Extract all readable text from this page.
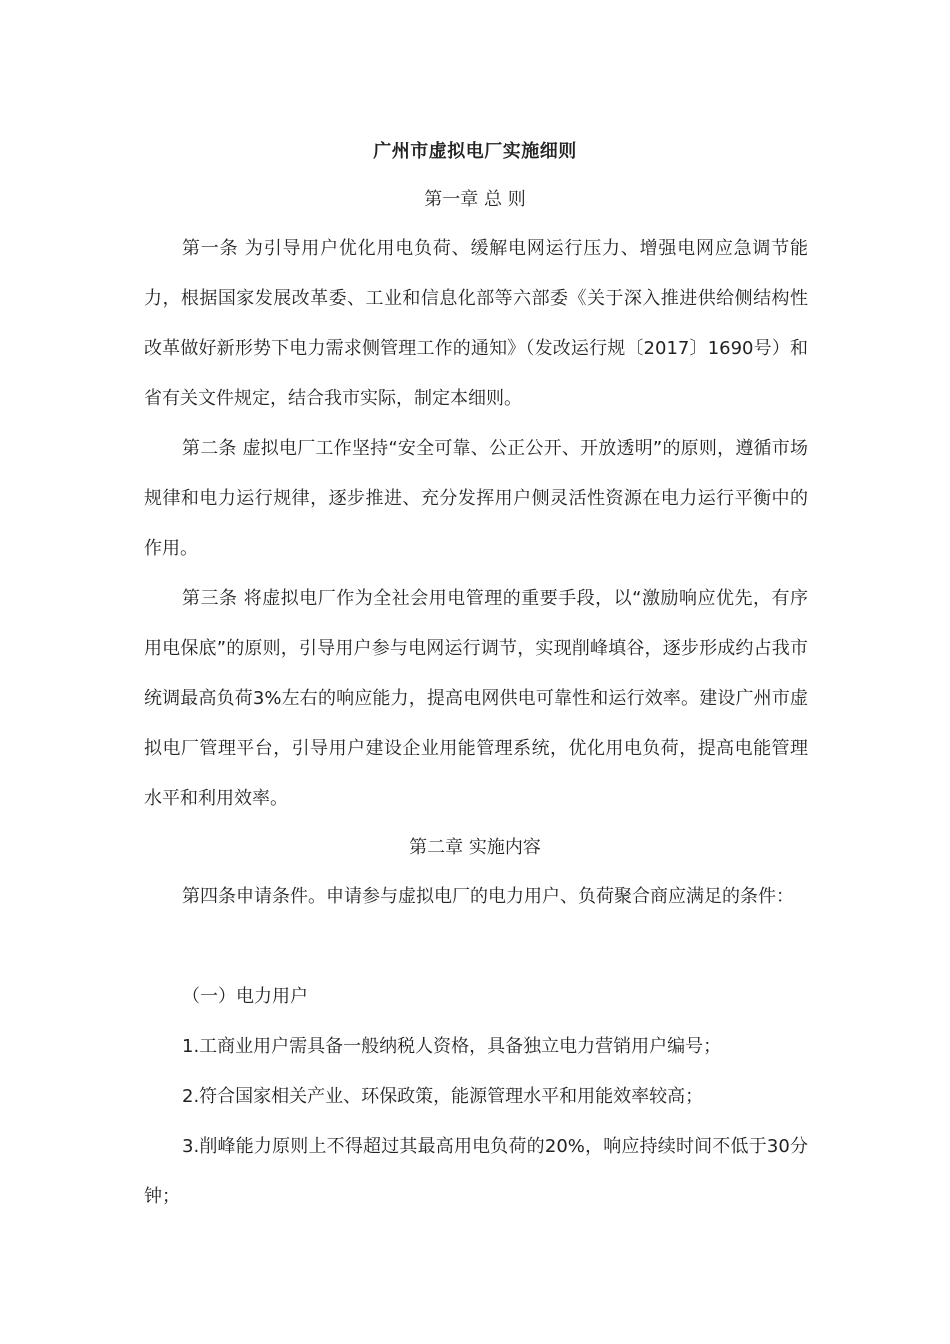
广州市虚拟电厂实施细则
第一章 总 则

第一条 为引导用户优化用电负荷、缓解电网运行压力、增强电网应急调节能力，根据国家发展改革委、工业和信息化部等六部委《关于深入推进供给侧结构性改革做好新形势下电力需求侧管理工作的通知》（发改运行规〔2017〕1690号）和省有关文件规定，结合我市实际，制定本细则。

第二条 虚拟电厂工作坚持“安全可靠、公正公开、开放透明”的原则，遵循市场规律和电力运行规律，逐步推进、充分发挥用户侧灵活性资源在电力运行平衡中的作用。

第三条 将虚拟电厂作为全社会用电管理的重要手段，以“激励响应优先，有序用电保底”的原则，引导用户参与电网运行调节，实现削峰填谷，逐步形成约占我市统调最高负荷3%左右的响应能力，提高电网供电可靠性和运行效率。建设广州市虚拟电厂管理平台，引导用户建设企业用能管理系统，优化用电负荷，提高电能管理水平和利用效率。

第二章 实施内容

第四条申请条件。申请参与虚拟电厂的电力用户、负荷聚合商应满足的条件：

（一）电力用户

1.工商业用户需具备一般纳税人资格，具备独立电力营销用户编号；

2.符合国家相关产业、环保政策，能源管理水平和用能效率较高；

3.削峰能力原则上不得超过其最高用电负荷的20%，响应持续时间不低于30分钟；
